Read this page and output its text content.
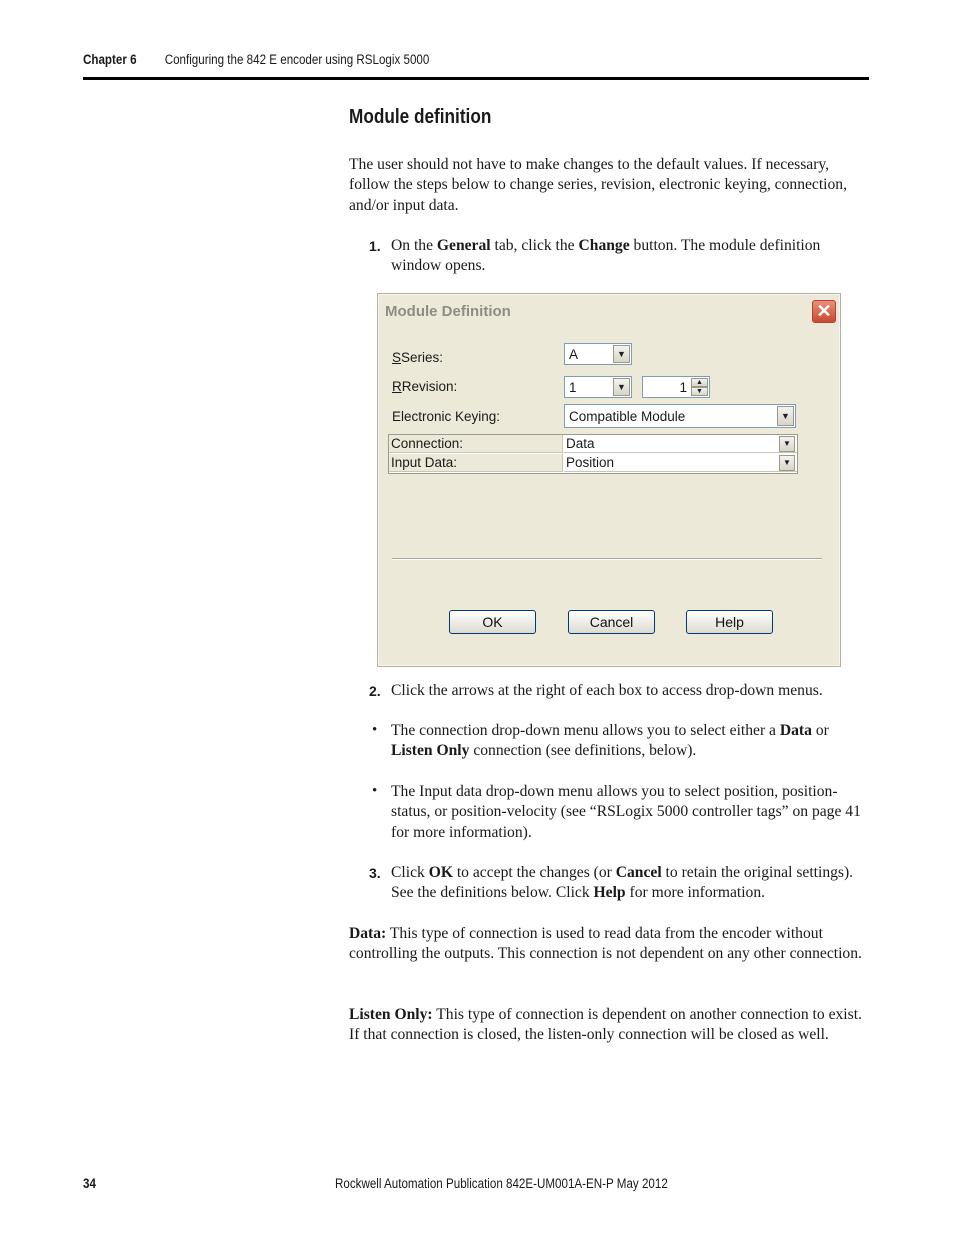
Chapter 6 Configuring the 842 E encoder using RSLogix 5000
Module definition

The user should not have to make changes to the default values. If necessary, follow the steps below to change series, revision, electronic keying, connection, and/or input data.

1. On the General tab, click the Change button. The module definition window opens.

Module Definition	✕
SSeries:	A	▼
RRevision:	1	▼	1	▲
▼
Electronic Keying:	Compatible Module	▼
Connection:	Data	▼
Input Data:	Position	▼
OK	Cancel	Help
2. Click the arrows at the right of each box to access drop-down menus.

• The connection drop-down menu allows you to select either a Data or Listen Only connection (see definitions, below).

• The Input data drop-down menu allows you to select position, position-status, or position-velocity (see “RSLogix 5000 controller tags” on page 41 for more information).

3. Click OK to accept the changes (or Cancel to retain the original settings). See the definitions below. Click Help for more information.

Data: This type of connection is used to read data from the encoder without controlling the outputs. This connection is not dependent on any other connection.

Listen Only: This type of connection is dependent on another connection to exist. If that connection is closed, the listen-only connection will be closed as well.

34	Rockwell Automation Publication 842E-UM001A-EN-P May 2012
